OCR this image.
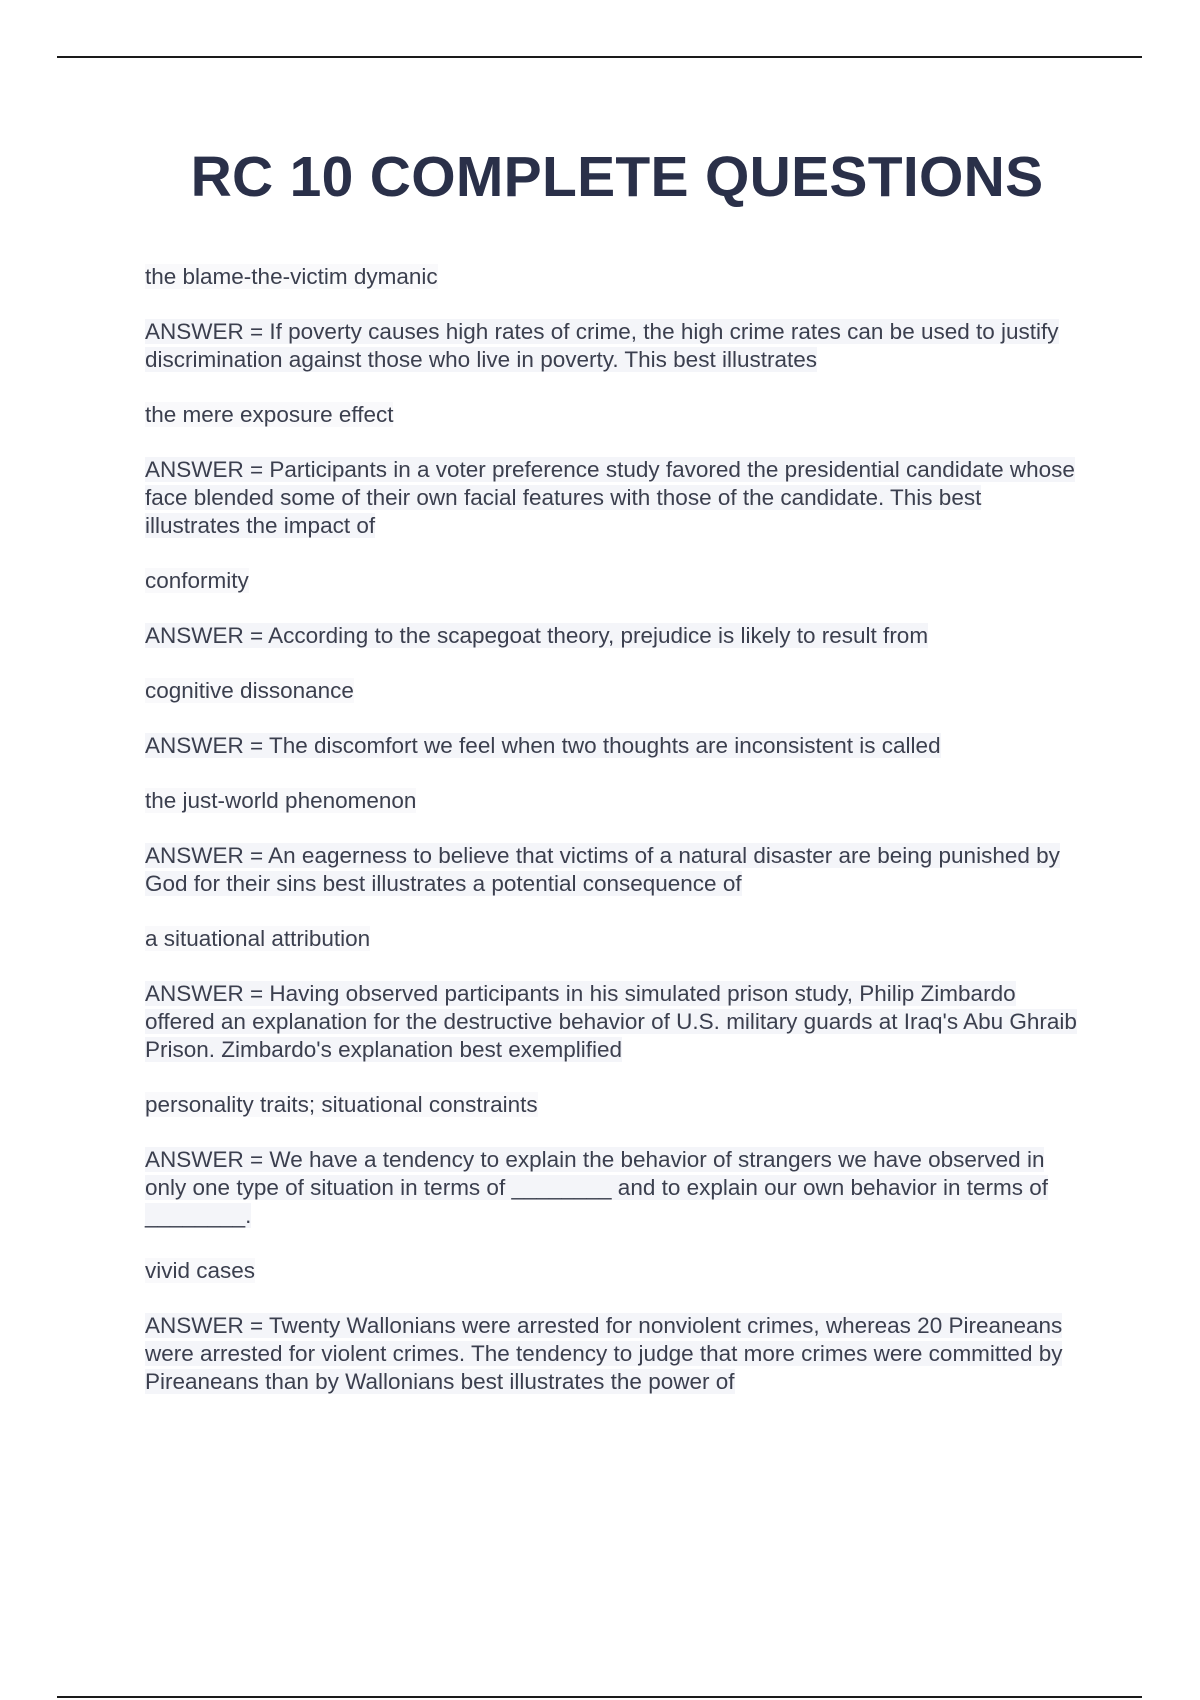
RC 10 COMPLETE QUESTIONS

the blame-the-victim dymanic

ANSWER = If poverty causes high rates of crime, the high crime rates can be used to justify discrimination against those who live in poverty. This best illustrates

the mere exposure effect

ANSWER = Participants in a voter preference study favored the presidential candidate whose face blended some of their own facial features with those of the candidate. This best illustrates the impact of

conformity

ANSWER = According to the scapegoat theory, prejudice is likely to result from

cognitive dissonance

ANSWER = The discomfort we feel when two thoughts are inconsistent is called

the just-world phenomenon

ANSWER = An eagerness to believe that victims of a natural disaster are being punished by God for their sins best illustrates a potential consequence of

a situational attribution

ANSWER = Having observed participants in his simulated prison study, Philip Zimbardo offered an explanation for the destructive behavior of U.S. military guards at Iraq's Abu Ghraib Prison. Zimbardo's explanation best exemplified

personality traits; situational constraints

ANSWER = We have a tendency to explain the behavior of strangers we have observed in only one type of situation in terms of ________ and to explain our own behavior in terms of ________.

vivid cases

ANSWER = Twenty Wallonians were arrested for nonviolent crimes, whereas 20 Pireaneans were arrested for violent crimes. The tendency to judge that more crimes were committed by Pireaneans than by Wallonians best illustrates the power of
